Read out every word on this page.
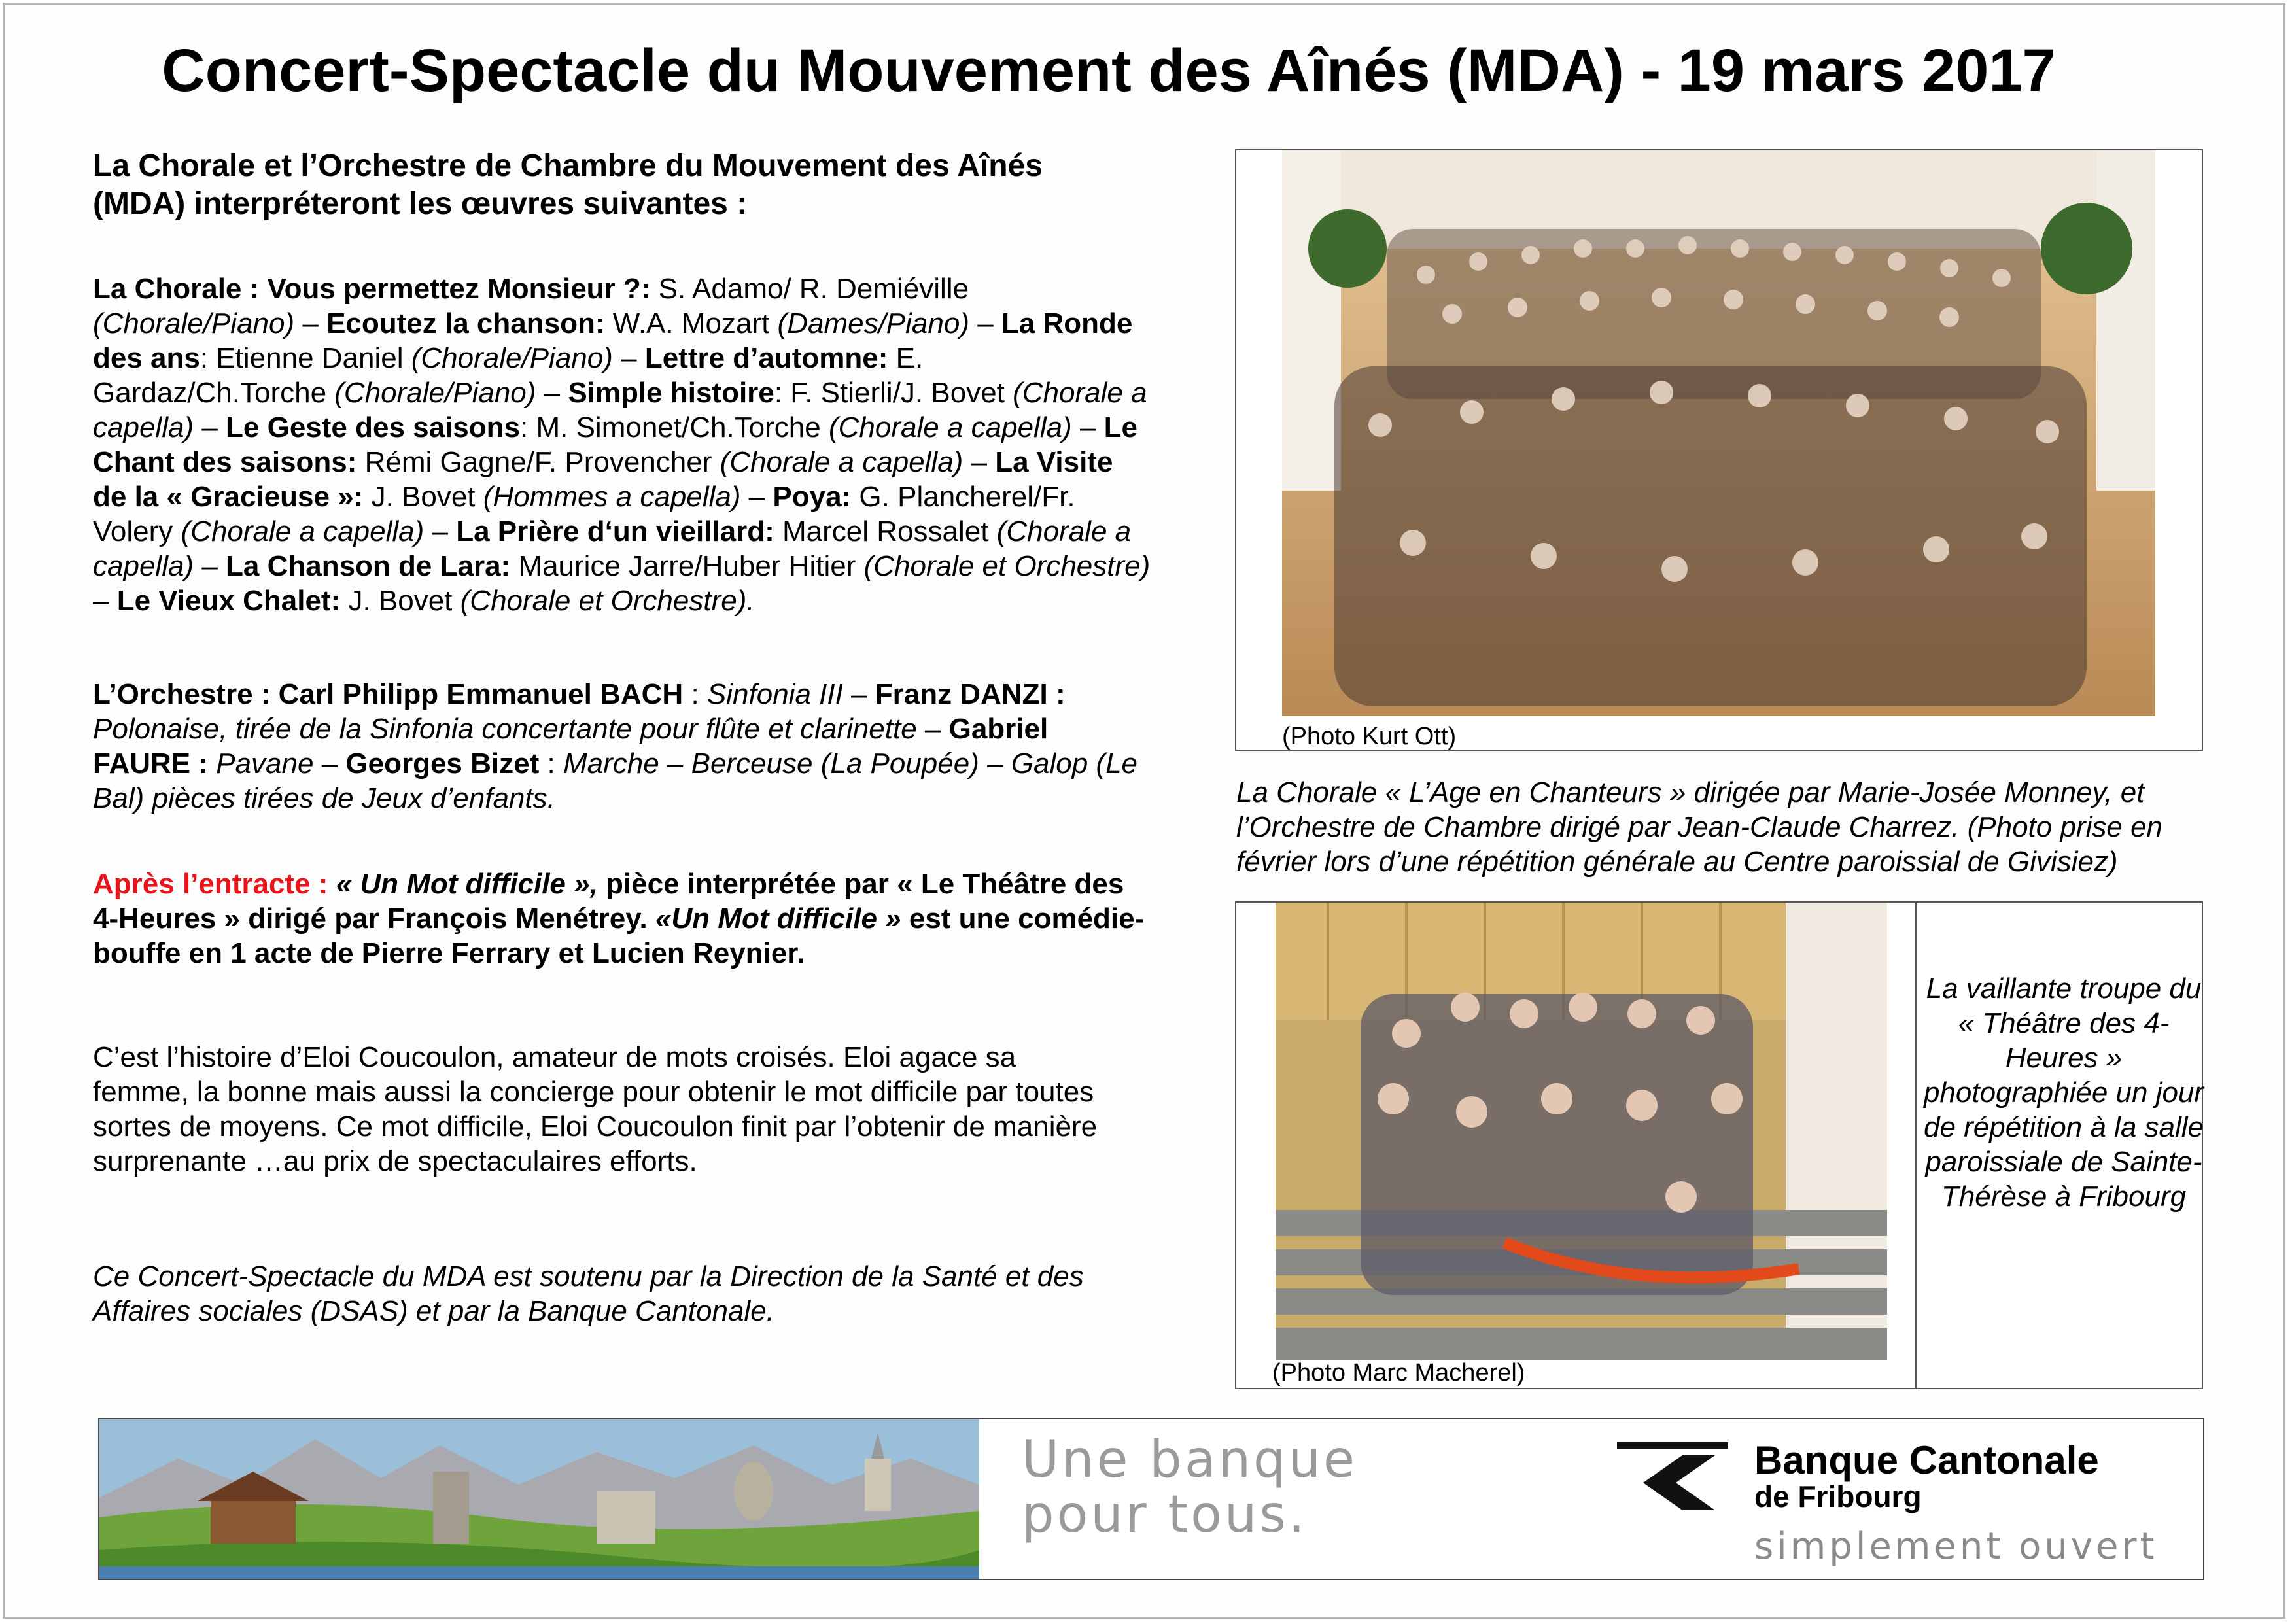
Concert-Spectacle du Mouvement des Aînés (MDA) - 19 mars 2017

La Chorale et l’Orchestre de Chambre du Mouvement des Aînés (MDA) interpréteront les œuvres suivantes :

La Chorale : Vous permettez Monsieur ?: S. Adamo/ R. Demiéville (Chorale/Piano) – Ecoutez la chanson: W.A. Mozart (Dames/Piano) – La Ronde des ans: Etienne Daniel (Chorale/Piano) – Lettre d’automne: E. Gardaz/Ch.Torche (Chorale/Piano) – Simple histoire: F. Stierli/J. Bovet (Chorale a capella) – Le Geste des saisons: M. Simonet/Ch.Torche (Chorale a capella) – Le Chant des saisons: Rémi Gagne/F. Provencher (Chorale a capella) – La Visite de la « Gracieuse »: J. Bovet (Hommes a capella) – Poya: G. Plancherel/Fr. Volery (Chorale a capella) – La Prière d‘un vieillard: Marcel Rossalet (Chorale a capella) – La Chanson de Lara: Maurice Jarre/Huber Hitier (Chorale et Orchestre) – Le Vieux Chalet: J. Bovet (Chorale et Orchestre).

L’Orchestre : Carl Philipp Emmanuel BACH : Sinfonia III – Franz DANZI : Polonaise, tirée de la Sinfonia concertante pour flûte et clarinette – Gabriel FAURE : Pavane – Georges Bizet : Marche – Berceuse (La Poupée) – Galop (Le Bal) pièces tirées de Jeux d’enfants.

Après l’entracte : « Un Mot difficile », pièce interprétée par « Le Théâtre des 4-Heures » dirigé par François Menétrey. «Un Mot difficile » est une comédie-bouffe en 1 acte de Pierre Ferrary et Lucien Reynier.

C’est l’histoire d’Eloi Coucoulon, amateur de mots croisés. Eloi agace sa femme, la bonne mais aussi la concierge pour obtenir le mot difficile par toutes sortes de moyens. Ce mot difficile, Eloi Coucoulon finit par l’obtenir de manière surprenante …au prix de spectaculaires efforts.

Ce Concert-Spectacle du MDA est soutenu par la Direction de la Santé et des Affaires sociales (DSAS) et par la Banque Cantonale.

(Photo Kurt Ott)

La Chorale « L’Age en Chanteurs » dirigée par Marie-Josée Monney, et l’Orchestre de Chambre dirigé par Jean-Claude Charrez. (Photo prise en février lors d’une répétition générale au Centre paroissial de Givisiez)

(Photo Marc Macherel)

La vaillante troupe du « Théâtre des 4-Heures » photographiée un jour de répétition à la salle paroissiale de Sainte-Thérèse à Fribourg

Une banque
pour tous.
Banque Cantonale
de Fribourg
simplement ouvert
